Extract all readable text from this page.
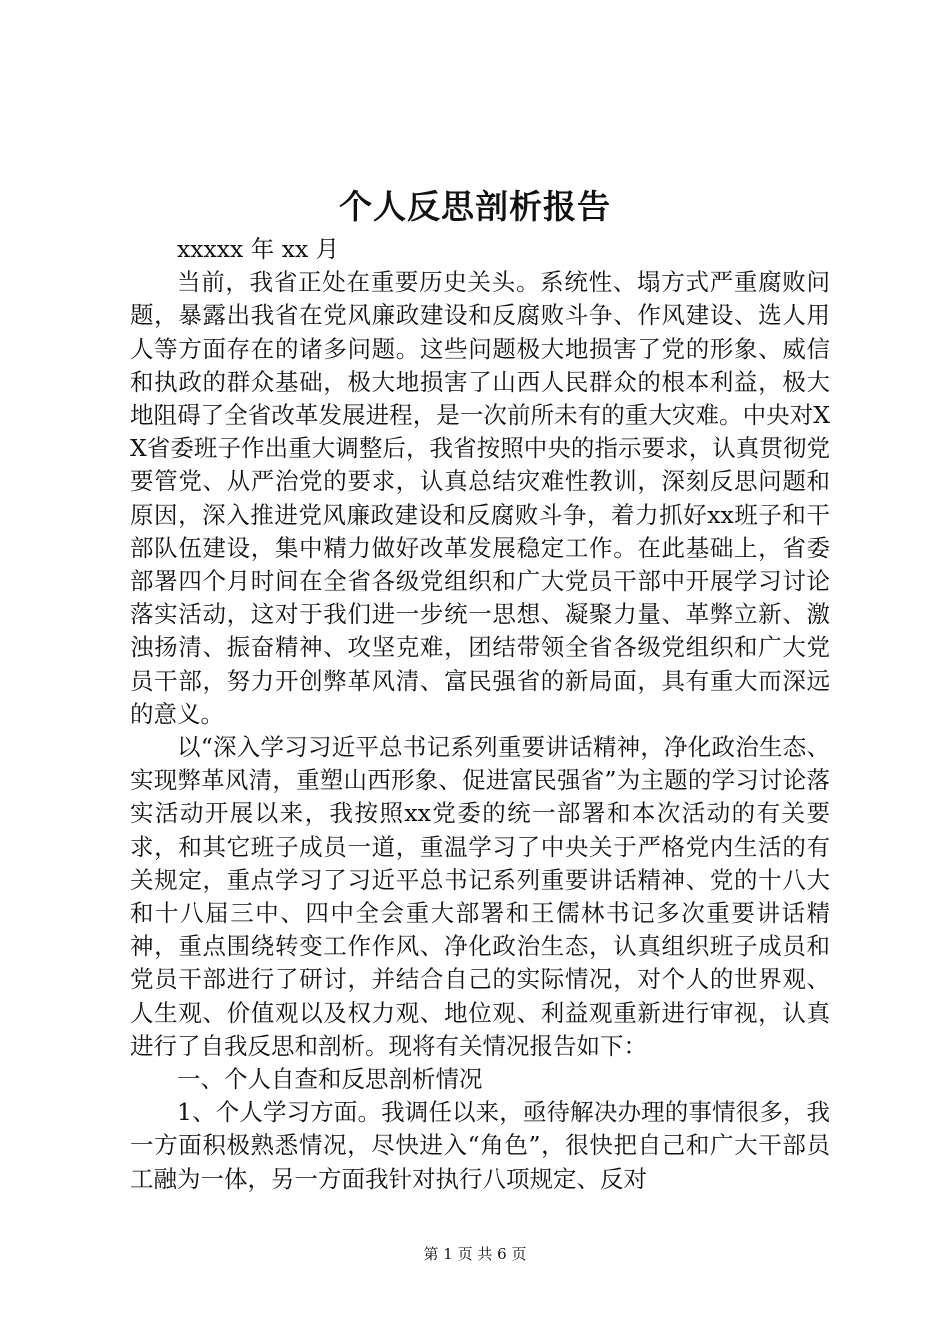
个人反思剖析报告

xxxxx 年 xx 月

当前，我省正处在重要历史关头。系统性、塌方式严重腐败问题，暴露出我省在党风廉政建设和反腐败斗争、作风建设、选人用人等方面存在的诸多问题。这些问题极大地损害了党的形象、威信和执政的群众基础，极大地损害了山西人民群众的根本利益，极大地阻碍了全省改革发展进程，是一次前所未有的重大灾难。中央对XX省委班子作出重大调整后，我省按照中央的指示要求，认真贯彻党要管党、从严治党的要求，认真总结灾难性教训，深刻反思问题和原因，深入推进党风廉政建设和反腐败斗争，着力抓好xx班子和干部队伍建设，集中精力做好改革发展稳定工作。在此基础上，省委部署四个月时间在全省各级党组织和广大党员干部中开展学习讨论落实活动，这对于我们进一步统一思想、凝聚力量、革弊立新、激浊扬清、振奋精神、攻坚克难，团结带领全省各级党组织和广大党员干部，努力开创弊革风清、富民强省的新局面，具有重大而深远的意义。

以“深入学习习近平总书记系列重要讲话精神，净化政治生态、实现弊革风清，重塑山西形象、促进富民强省”为主题的学习讨论落实活动开展以来，我按照xx党委的统一部署和本次活动的有关要求，和其它班子成员一道，重温学习了中央关于严格党内生活的有关规定，重点学习了习近平总书记系列重要讲话精神、党的十八大和十八届三中、四中全会重大部署和王儒林书记多次重要讲话精神，重点围绕转变工作作风、净化政治生态，认真组织班子成员和党员干部进行了研讨，并结合自己的实际情况，对个人的世界观、人生观、价值观以及权力观、地位观、利益观重新进行审视，认真进行了自我反思和剖析。现将有关情况报告如下：

一、个人自查和反思剖析情况

1、个人学习方面。我调任以来，亟待解决办理的事情很多，我一方面积极熟悉情况，尽快进入“角色”，很快把自己和广大干部员工融为一体，另一方面我针对执行八项规定、反对

第 1 页 共 6 页
